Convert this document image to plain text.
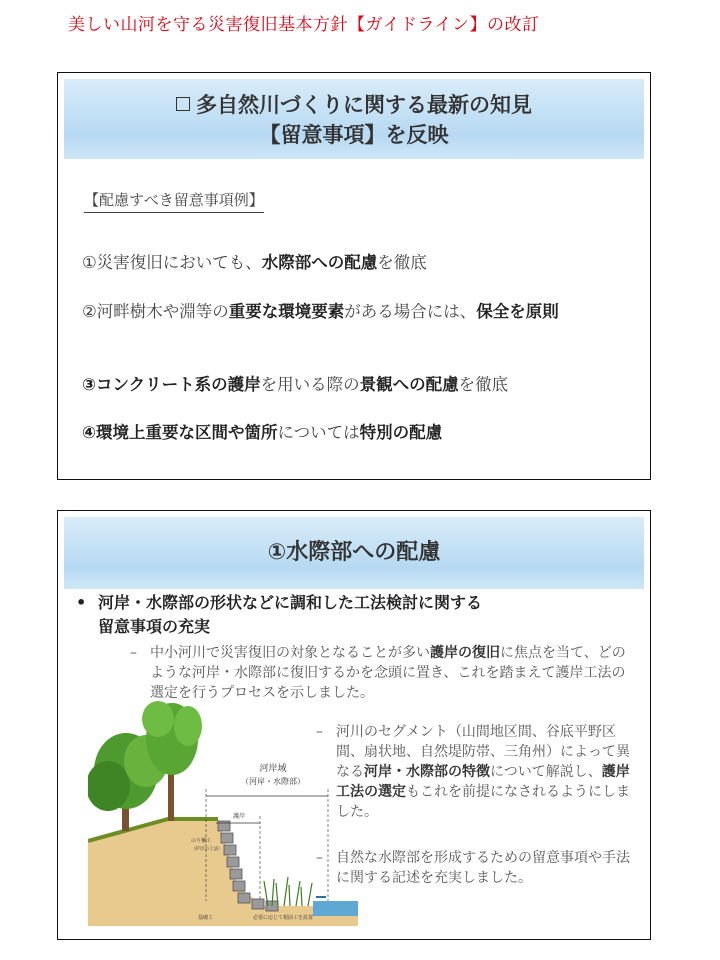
美しい山河を守る災害復旧基本方針【ガイドライン】の改訂
多自然川づくりに関する最新の知見
【留意事項】を反映
【配慮すべき留意事項例】
①災害復旧においても、水際部への配慮を徹底
②河畔樹木や淵等の重要な環境要素がある場合には、保全を原則
③コンクリート系の護岸を用いる際の景観への配慮を徹底
④環境上重要な区間や箇所については特別の配慮
①水際部への配慮
• 河岸・水際部の形状などに調和した工法検討に関する
留意事項の充実
– 中小河川で災害復旧の対象となることが多い護岸の復旧に焦点を当て、どのような河岸・水際部に復旧するかを念頭に置き、これを踏まえて護岸工法の選定を行うプロセスを示しました。
河岸域
（河岸・水際部）
護岸
のり覆工
（护岸の工法）
基礎工	必要に応じて根固工を設置
– 河川のセグメント（山間地区間、谷底平野区間、扇状地、自然堤防帯、三角州）によって異なる河岸・水際部の特徴について解説し、護岸工法の選定もこれを前提になされるようにしました。
– 自然な水際部を形成するための留意事項や手法に関する記述を充実しました。
